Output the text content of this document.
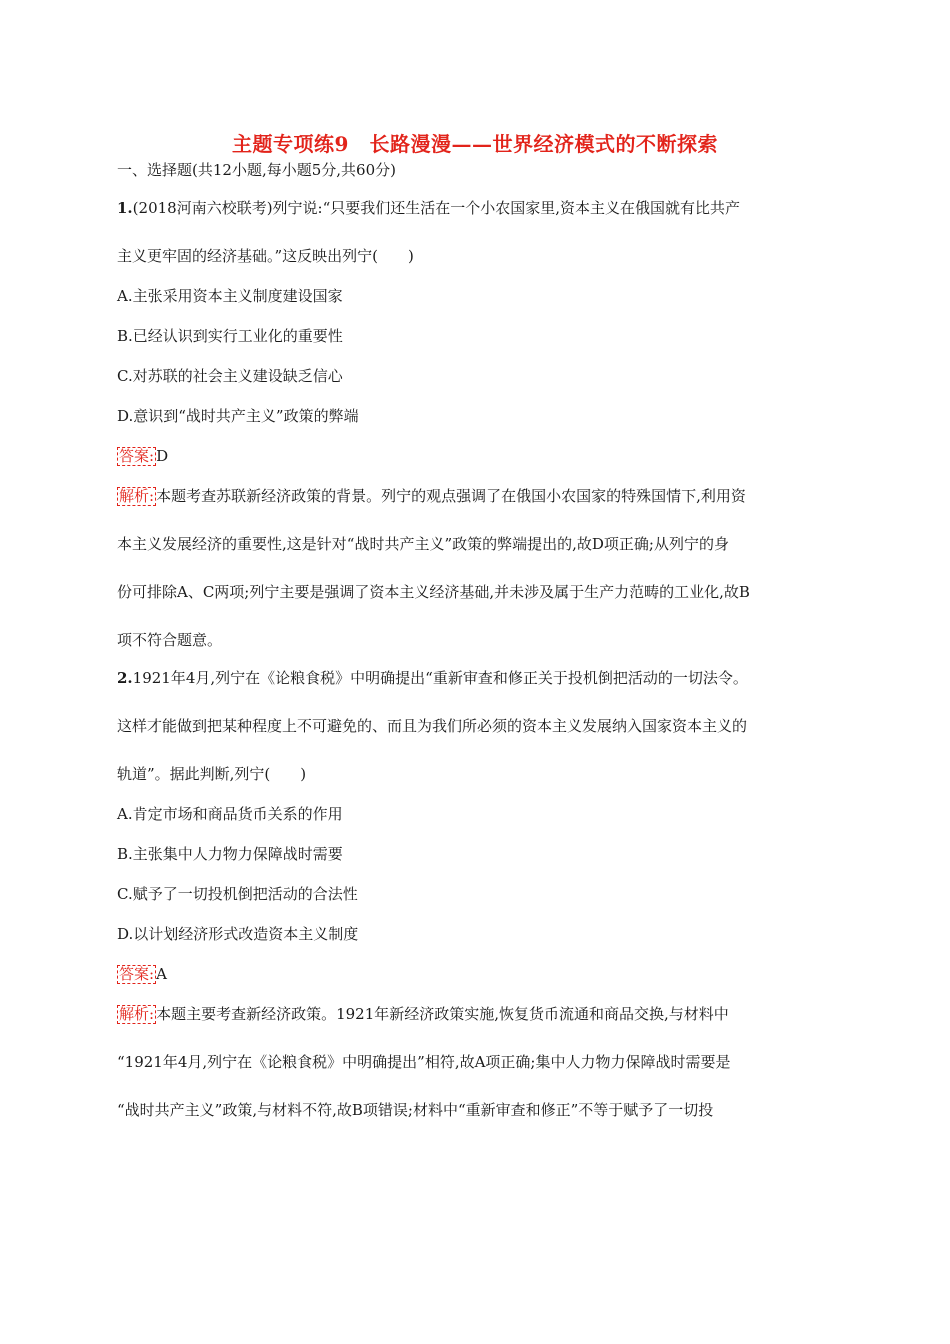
主题专项练9　长路漫漫——世界经济模式的不断探索
一、选择题(共12小题,每小题5分,共60分)
1.(2018河南六校联考)列宁说:“只要我们还生活在一个小农国家里,资本主义在俄国就有比共产
主义更牢固的经济基础。”这反映出列宁(　　)
A.主张采用资本主义制度建设国家
B.已经认识到实行工业化的重要性
C.对苏联的社会主义建设缺乏信心
D.意识到“战时共产主义”政策的弊端
答案: D
解析: 本题考查苏联新经济政策的背景。列宁的观点强调了在俄国小农国家的特殊国情下,利用资
本主义发展经济的重要性,这是针对“战时共产主义”政策的弊端提出的,故D项正确;从列宁的身
份可排除A、C两项;列宁主要是强调了资本主义经济基础,并未涉及属于生产力范畴的工业化,故B
项不符合题意。
2.1921年4月,列宁在《论粮食税》中明确提出“重新审查和修正关于投机倒把活动的一切法令。
这样才能做到把某种程度上不可避免的、而且为我们所必须的资本主义发展纳入国家资本主义的
轨道”。据此判断,列宁(　　)
A.肯定市场和商品货币关系的作用
B.主张集中人力物力保障战时需要
C.赋予了一切投机倒把活动的合法性
D.以计划经济形式改造资本主义制度
答案: A
解析: 本题主要考查新经济政策。1921年新经济政策实施,恢复货币流通和商品交换,与材料中
“1921年4月,列宁在《论粮食税》中明确提出”相符,故A项正确;集中人力物力保障战时需要是
“战时共产主义”政策,与材料不符,故B项错误;材料中“重新审查和修正”不等于赋予了一切投
